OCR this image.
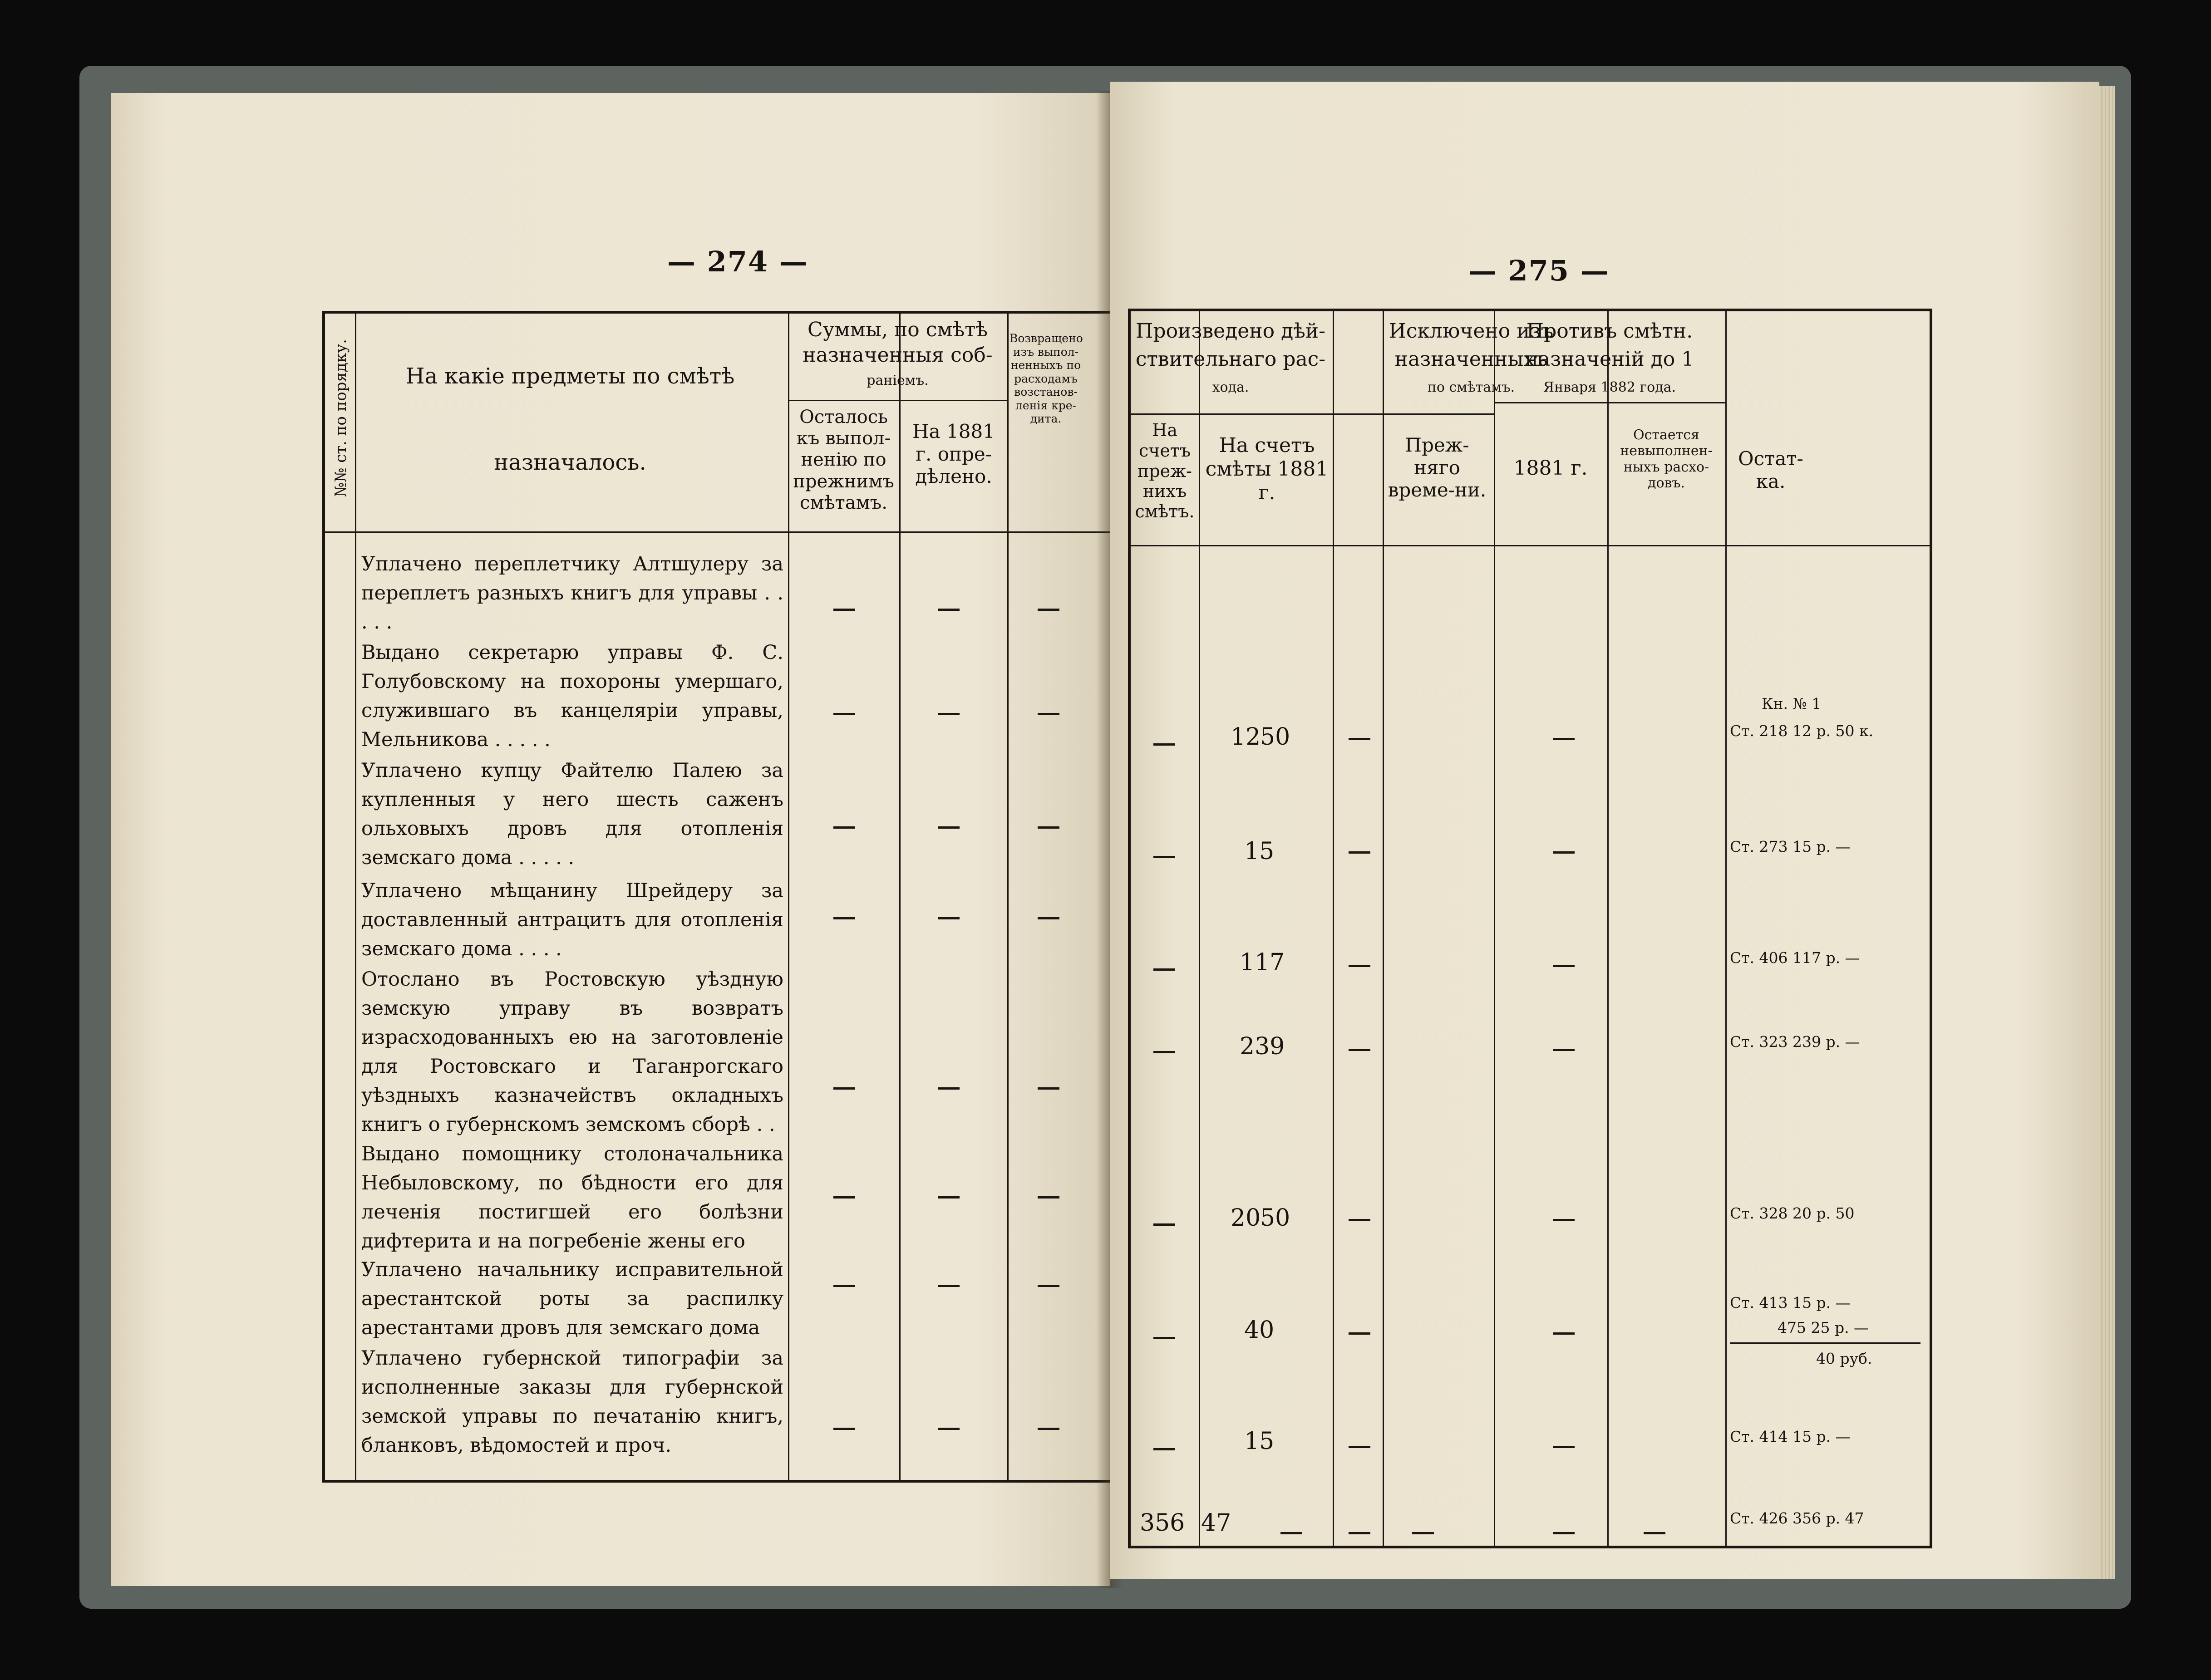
— 274 —
№№ ст. по порядку.	На какіе предметы по смѣтѣ
назначалось.
Суммы, по смѣтѣ
назначенныя соб-
раніемъ.
Осталось къ выпол-ненію по прежнимъ смѣтамъ.
На 1881 г. опре-дѣлено.
Возвращено изъ выпол-ненныхъ по расходамъ возстанов-ленія кре-дита.
Уплачено переплетчику Алтшулеру за переплетъ разныхъ книгъ для управы . . . . .
Выдано секретарю управы Ф. С. Голубовскому на похороны умершаго, служившаго въ канцеляріи управы, Мельникова . . . . .
Уплачено купцу Файтелю Палею за купленныя у него шесть саженъ ольховыхъ дровъ для отопленія земскаго дома . . . . .
Уплачено мѣщанину Шрейдеру за доставленный антрацитъ для отопленія земскаго дома . . . .
Отослано въ Ростовскую уѣздную земскую управу въ возвратъ израсходованныхъ ею на заготовленіе для Ростовскаго и Таганрогскаго уѣздныхъ казначействъ окладныхъ книгъ о губернскомъ земскомъ сборѣ . .
Выдано помощнику столоначальника Небыловскому, по бѣдности его для леченія постигшей его болѣзни дифтерита и на погребеніе жены его
Уплачено начальнику исправительной арестантской роты за распилку арестантами дровъ для земскаго дома
Уплачено губернской типографіи за исполненные заказы для губернской земской управы по печатанію книгъ, бланковъ, вѣдомостей и проч.
— 275 —
Произведено дѣй-
ствительнаго рас-
хода.
На счетъ преж-нихъ смѣтъ.
На счетъ смѣты 1881 г.
Исключено изъ
назначенныхъ
по смѣтамъ.
Преж-няго време-ни.
1881 г.
Противъ смѣтн.
назначеній до 1
Января 1882 года.
Остается невыполнен-ныхъ расхо-довъ.
Остат-ка.
12
50
15
117
239
20
50
40
15
356 47
Кн. № 1
Ст. 218 12 р. 50 к.
Ст. 273 15 р. —
Ст. 406 117 р. —
Ст. 323 239 р. —
Ст. 328 20 р. 50
Ст. 413 15 р. —
475 25 р. —
40 руб.
Ст. 414 15 р. —
Ст. 426 356 р. 47
